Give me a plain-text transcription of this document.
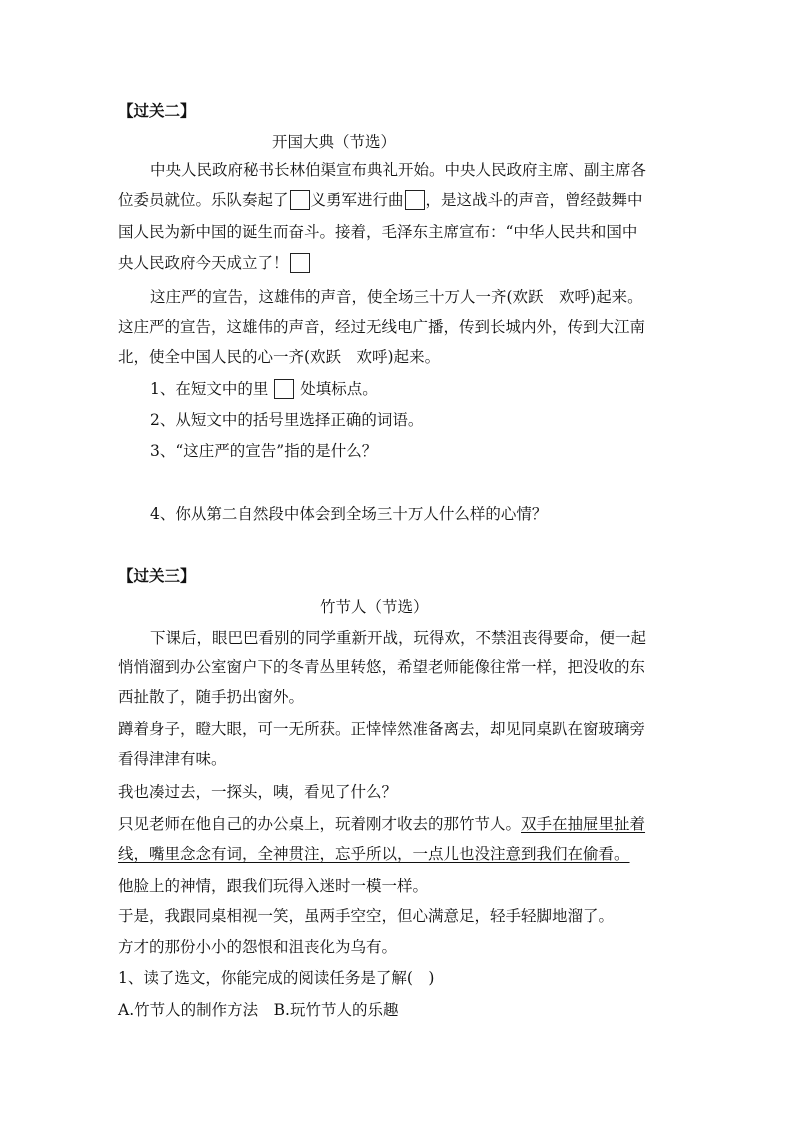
【过关二】
开国大典（节选）
中央人民政府秘书长林伯渠宣布典礼开始。中央人民政府主席、副主席各
位委员就位。乐队奏起了 义勇军进行曲 ，是这战斗的声音，曾经鼓舞中
国人民为新中国的诞生而奋斗。接着，毛泽东主席宣布：“中华人民共和国中
央人民政府今天成立了！
这庄严的宣告，这雄伟的声音，使全场三十万人一齐(欢跃　欢呼)起来。
这庄严的宣告，这雄伟的声音，经过无线电广播，传到长城内外，传到大江南
北，使全中国人民的心一齐(欢跃　欢呼)起来。
1、在短文中的里 处填标点。
2、从短文中的括号里选择正确的词语。
3、“这庄严的宣告”指的是什么？
4、你从第二自然段中体会到全场三十万人什么样的心情？
【过关三】
竹节人（节选）
下课后，眼巴巴看别的同学重新开战，玩得欢，不禁沮丧得要命，便一起
悄悄溜到办公室窗户下的冬青丛里转悠，希望老师能像往常一样，把没收的东
西扯散了，随手扔出窗外。
蹲着身子，瞪大眼，可一无所获。正悻悻然准备离去，却见同桌趴在窗玻璃旁
看得津津有味。
我也凑过去，一探头，咦，看见了什么？
只见老师在他自己的办公桌上，玩着刚才收去的那竹节人。双手在抽屉里扯着
线，嘴里念念有词，全神贯注，忘乎所以，一点儿也没注意到我们在偷看。
他脸上的神情，跟我们玩得入迷时一模一样。
于是，我跟同桌相视一笑，虽两手空空，但心满意足，轻手轻脚地溜了。
方才的那份小小的怨恨和沮丧化为乌有。
1、读了选文，你能完成的阅读任务是了解(　)
A.竹节人的制作方法　B.玩竹节人的乐趣
